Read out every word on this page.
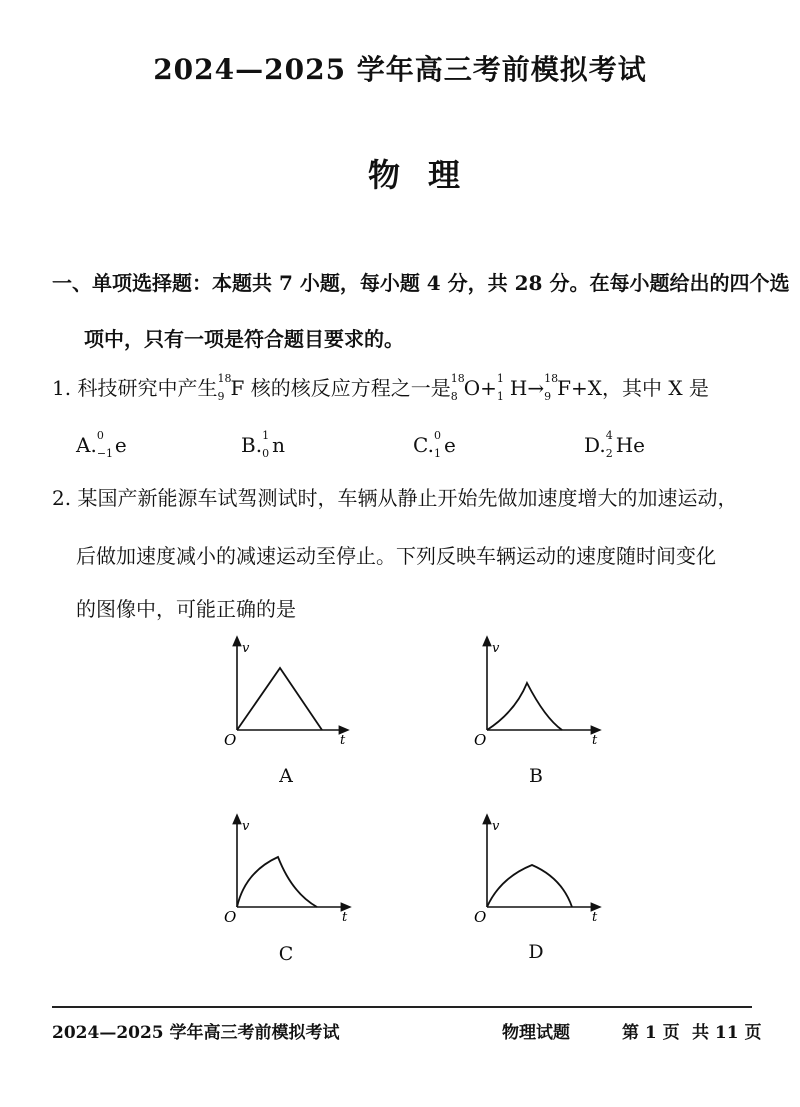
2024—2025 学年高三考前模拟考试
物理
一、单项选择题：本题共 7 小题，每小题 4 分，共 28 分。在每小题给出的四个选
项中，只有一项是符合题目要求的。
1. 科技研究中产生 18
9 F 核的核反应方程之一是 18
8 O+ 1
1 H→ 18
9 F+X，其中 X 是
A. 0
−1 e	B. 1
0 n	C. 0
1 e	D. 4
2 He
2. 某国产新能源车试驾测试时，车辆从静止开始先做加速度增大的加速运动，
后做加速度减小的减速运动至停止。下列反映车辆运动的速度随时间变化
的图像中，可能正确的是
v
t
O
v
t
O
v
t
O
v
t
O
A	B
C	D
2024—2025 学年高三考前模拟考试	物理试题	第 1 页 共 11 页
